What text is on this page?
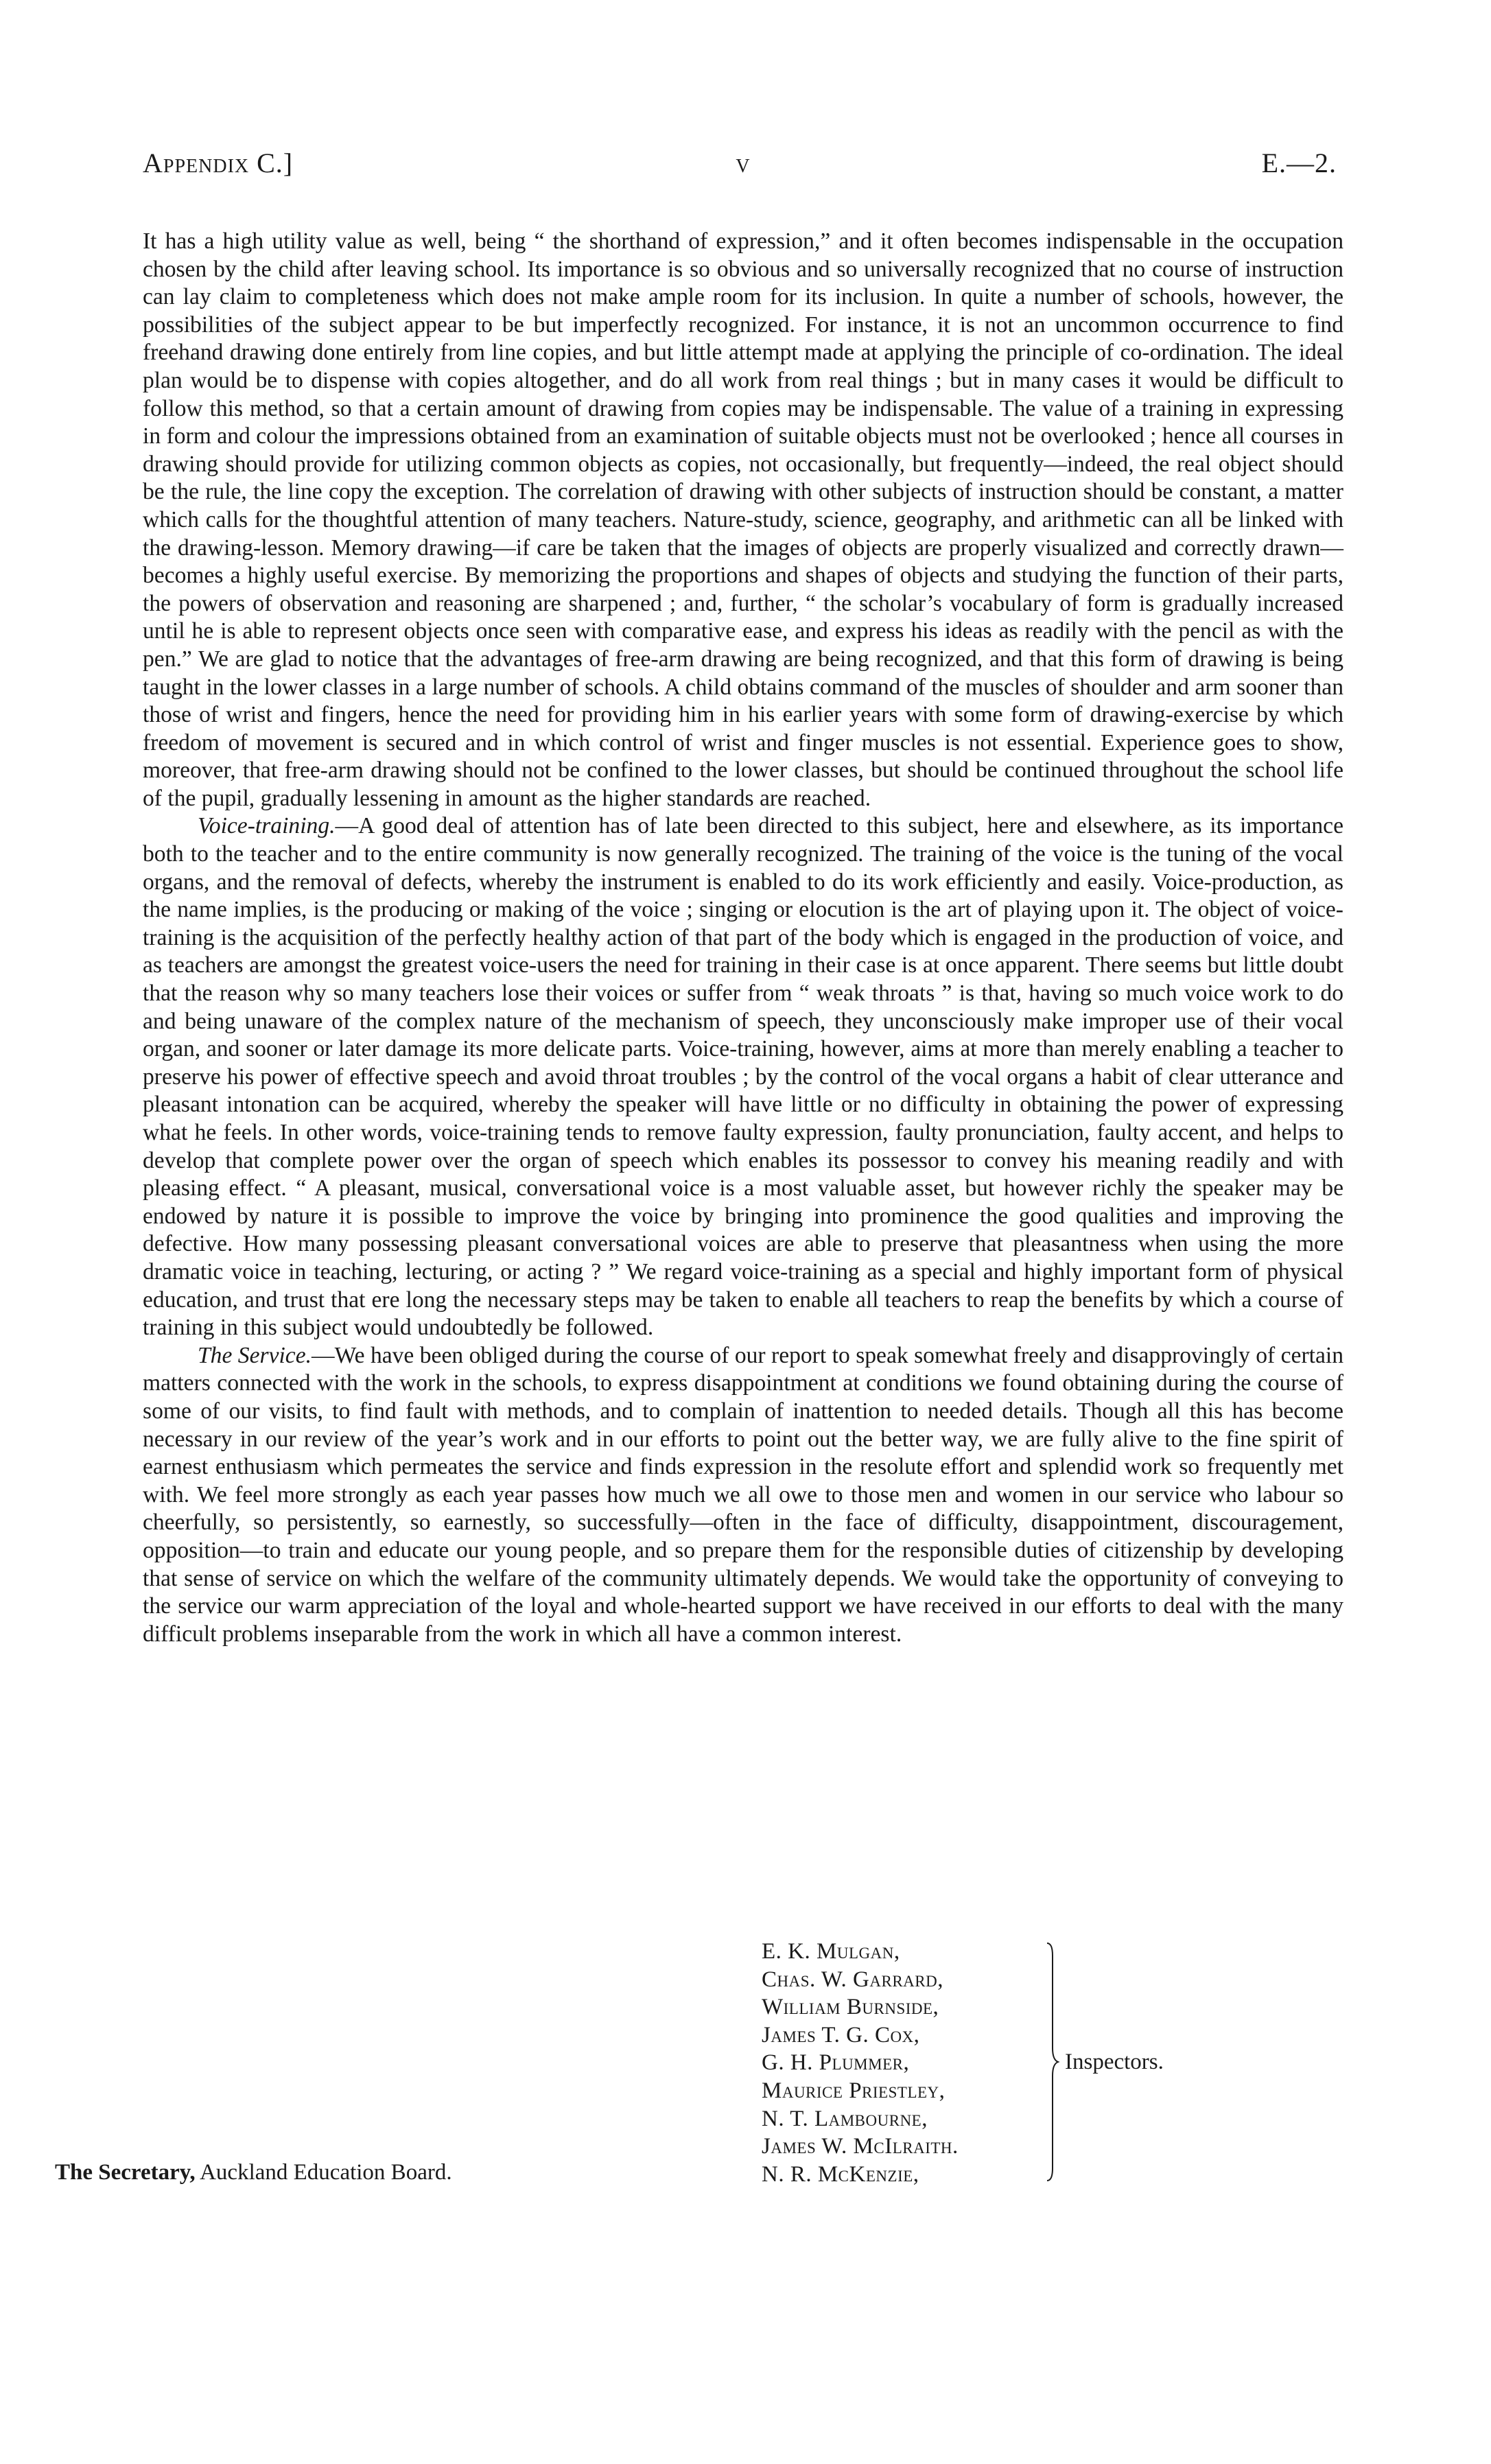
Appendix C.]	v	E.—2.

It has a high utility value as well, being “ the shorthand of expression,” and it often becomes indispensable in the occupation chosen by the child after leaving school. Its importance is so obvious and so universally recognized that no course of instruction can lay claim to completeness which does not make ample room for its inclusion. In quite a number of schools, however, the possibilities of the subject appear to be but imperfectly recognized. For instance, it is not an uncommon occurrence to find freehand drawing done entirely from line copies, and but little attempt made at applying the principle of co-ordination. The ideal plan would be to dispense with copies altogether, and do all work from real things ; but in many cases it would be difficult to follow this method, so that a certain amount of drawing from copies may be indispensable. The value of a training in expressing in form and colour the impressions obtained from an examination of suitable objects must not be overlooked ; hence all courses in drawing should provide for utilizing common objects as copies, not occasionally, but frequently—indeed, the real object should be the rule, the line copy the exception. The correlation of drawing with other subjects of instruction should be constant, a matter which calls for the thoughtful attention of many teachers. Nature-study, science, geography, and arithmetic can all be linked with the drawing-lesson. Memory drawing—if care be taken that the images of objects are properly visualized and correctly drawn—becomes a highly useful exercise. By memorizing the proportions and shapes of objects and studying the function of their parts, the powers of observation and reasoning are sharpened ; and, further, “ the scholar’s vocabulary of form is gradually increased until he is able to represent objects once seen with comparative ease, and express his ideas as readily with the pencil as with the pen.” We are glad to notice that the advantages of free-arm drawing are being recognized, and that this form of drawing is being taught in the lower classes in a large number of schools. A child obtains command of the muscles of shoulder and arm sooner than those of wrist and fingers, hence the need for providing him in his earlier years with some form of drawing-exercise by which freedom of movement is secured and in which control of wrist and finger muscles is not essential. Experience goes to show, moreover, that free-arm drawing should not be confined to the lower classes, but should be continued throughout the school life of the pupil, gradually lessening in amount as the higher standards are reached.

Voice-training.—A good deal of attention has of late been directed to this subject, here and elsewhere, as its importance both to the teacher and to the entire community is now generally recognized. The training of the voice is the tuning of the vocal organs, and the removal of defects, whereby the instrument is enabled to do its work efficiently and easily. Voice-production, as the name implies, is the producing or making of the voice ; singing or elocution is the art of playing upon it. The object of voice-training is the acquisition of the perfectly healthy action of that part of the body which is engaged in the production of voice, and as teachers are amongst the greatest voice-users the need for training in their case is at once apparent. There seems but little doubt that the reason why so many teachers lose their voices or suffer from “ weak throats ” is that, having so much voice work to do and being unaware of the complex nature of the mechanism of speech, they unconsciously make improper use of their vocal organ, and sooner or later damage its more delicate parts. Voice-training, however, aims at more than merely enabling a teacher to preserve his power of effective speech and avoid throat troubles ; by the control of the vocal organs a habit of clear utterance and pleasant intonation can be acquired, whereby the speaker will have little or no difficulty in obtaining the power of expressing what he feels. In other words, voice-training tends to remove faulty expression, faulty pronunciation, faulty accent, and helps to develop that complete power over the organ of speech which enables its possessor to convey his meaning readily and with pleasing effect. “ A pleasant, musical, conversational voice is a most valuable asset, but however richly the speaker may be endowed by nature it is possible to improve the voice by bringing into prominence the good qualities and improving the defective. How many possessing pleasant conversational voices are able to preserve that pleasantness when using the more dramatic voice in teaching, lecturing, or acting ? ” We regard voice-training as a special and highly important form of physical education, and trust that ere long the necessary steps may be taken to enable all teachers to reap the benefits by which a course of training in this subject would undoubtedly be followed.

The Service.—We have been obliged during the course of our report to speak somewhat freely and disapprovingly of certain matters connected with the work in the schools, to express disappointment at conditions we found obtaining during the course of some of our visits, to find fault with methods, and to complain of inattention to needed details. Though all this has become necessary in our review of the year’s work and in our efforts to point out the better way, we are fully alive to the fine spirit of earnest enthusiasm which permeates the service and finds expression in the resolute effort and splendid work so frequently met with. We feel more strongly as each year passes how much we all owe to those men and women in our service who labour so cheerfully, so persistently, so earnestly, so successfully—often in the face of difficulty, disappointment, discouragement, opposition—to train and educate our young people, and so prepare them for the responsible duties of citizenship by developing that sense of service on which the welfare of the community ultimately depends. We would take the opportunity of conveying to the service our warm appreciation of the loyal and whole-hearted support we have received in our efforts to deal with the many difficult problems inseparable from the work in which all have a common interest.

E. K. Mulgan,
Chas. W. Garrard,
William Burnside,
James T. G. Cox,
G. H. Plummer,
Maurice Priestley,
N. T. Lambourne,
James W. McIlraith.
N. R. McKenzie,
Inspectors.
The Secretary, Auckland Education Board.
